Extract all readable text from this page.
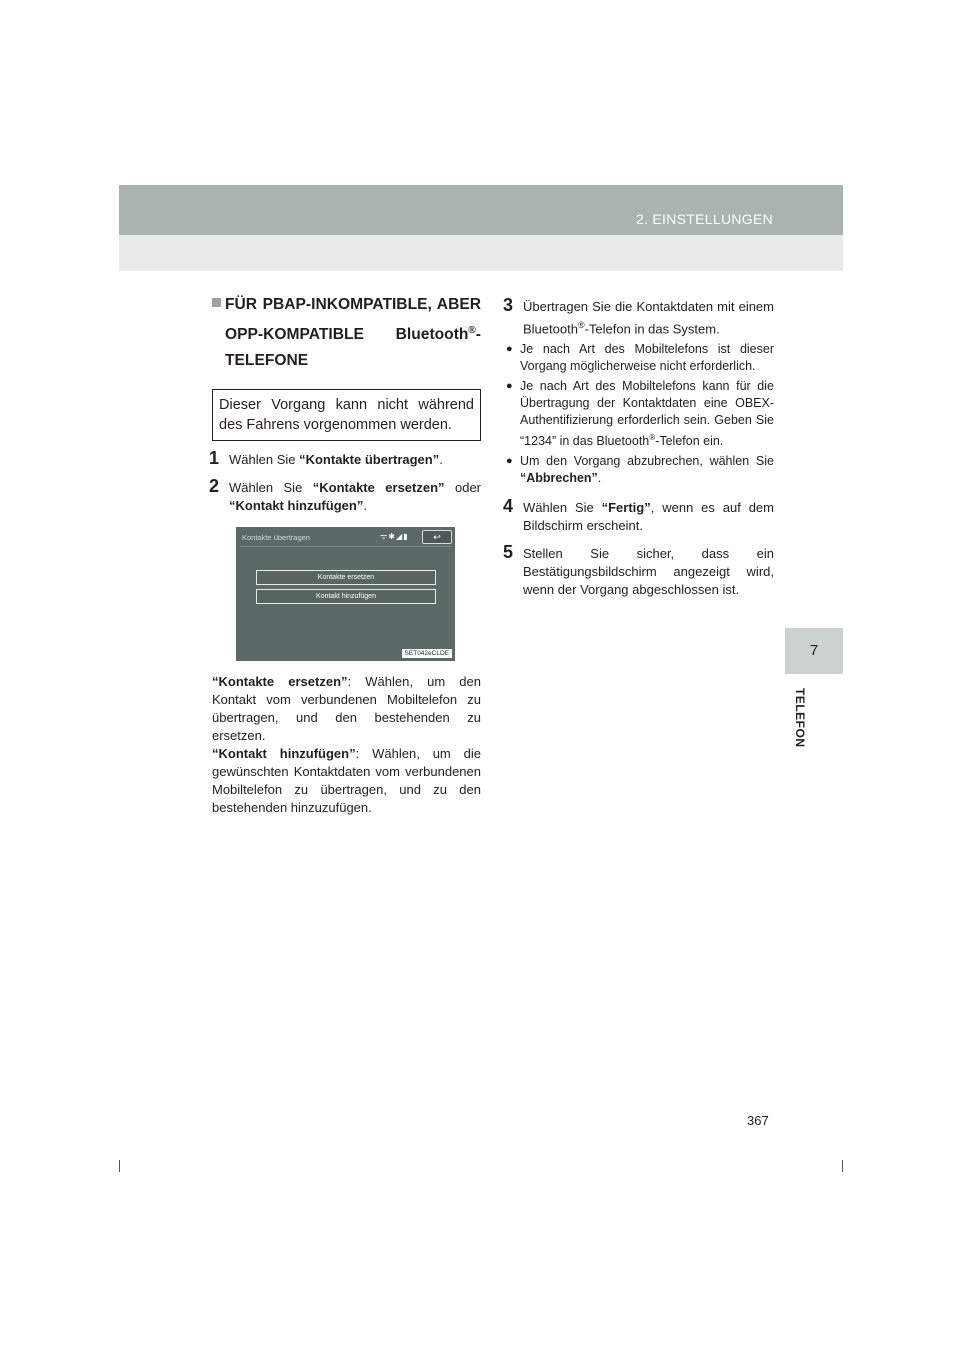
2. EINSTELLUNGEN
7
TELEFON
367
FÜR PBAP-INKOMPATIBLE, ABER OPP-KOMPATIBLE Bluetooth®-TELEFONE
Dieser Vorgang kann nicht während des Fahrens vorgenommen werden.
1 Wählen Sie “Kontakte übertragen”.
2 Wählen Sie “Kontakte ersetzen” oder “Kontakt hinzufügen”.
Kontakte übertragen	ᯤ✱◢▮	↩
Kontakte ersetzen
Kontakt hinzufügen
SET042eCLDE
“Kontakte ersetzen”: Wählen, um den Kontakt vom verbundenen Mobiltelefon zu übertragen, und den bestehenden zu ersetzen.
“Kontakt hinzufügen”: Wählen, um die gewünschten Kontaktdaten vom verbundenen Mobiltelefon zu übertragen, und zu den bestehenden hinzuzufügen.
3 Übertragen Sie die Kontaktdaten mit einem Bluetooth®-Telefon in das System.
● Je nach Art des Mobiltelefons ist dieser Vorgang möglicherweise nicht erforderlich.
● Je nach Art des Mobiltelefons kann für die Übertragung der Kontaktdaten eine OBEX-Authentifizierung erforderlich sein. Geben Sie “1234” in das Bluetooth®-Telefon ein.
● Um den Vorgang abzubrechen, wählen Sie “Abbrechen”.
4 Wählen Sie “Fertig”, wenn es auf dem Bildschirm erscheint.
5 Stellen Sie sicher, dass ein Bestätigungsbildschirm angezeigt wird, wenn der Vorgang abgeschlossen ist.
